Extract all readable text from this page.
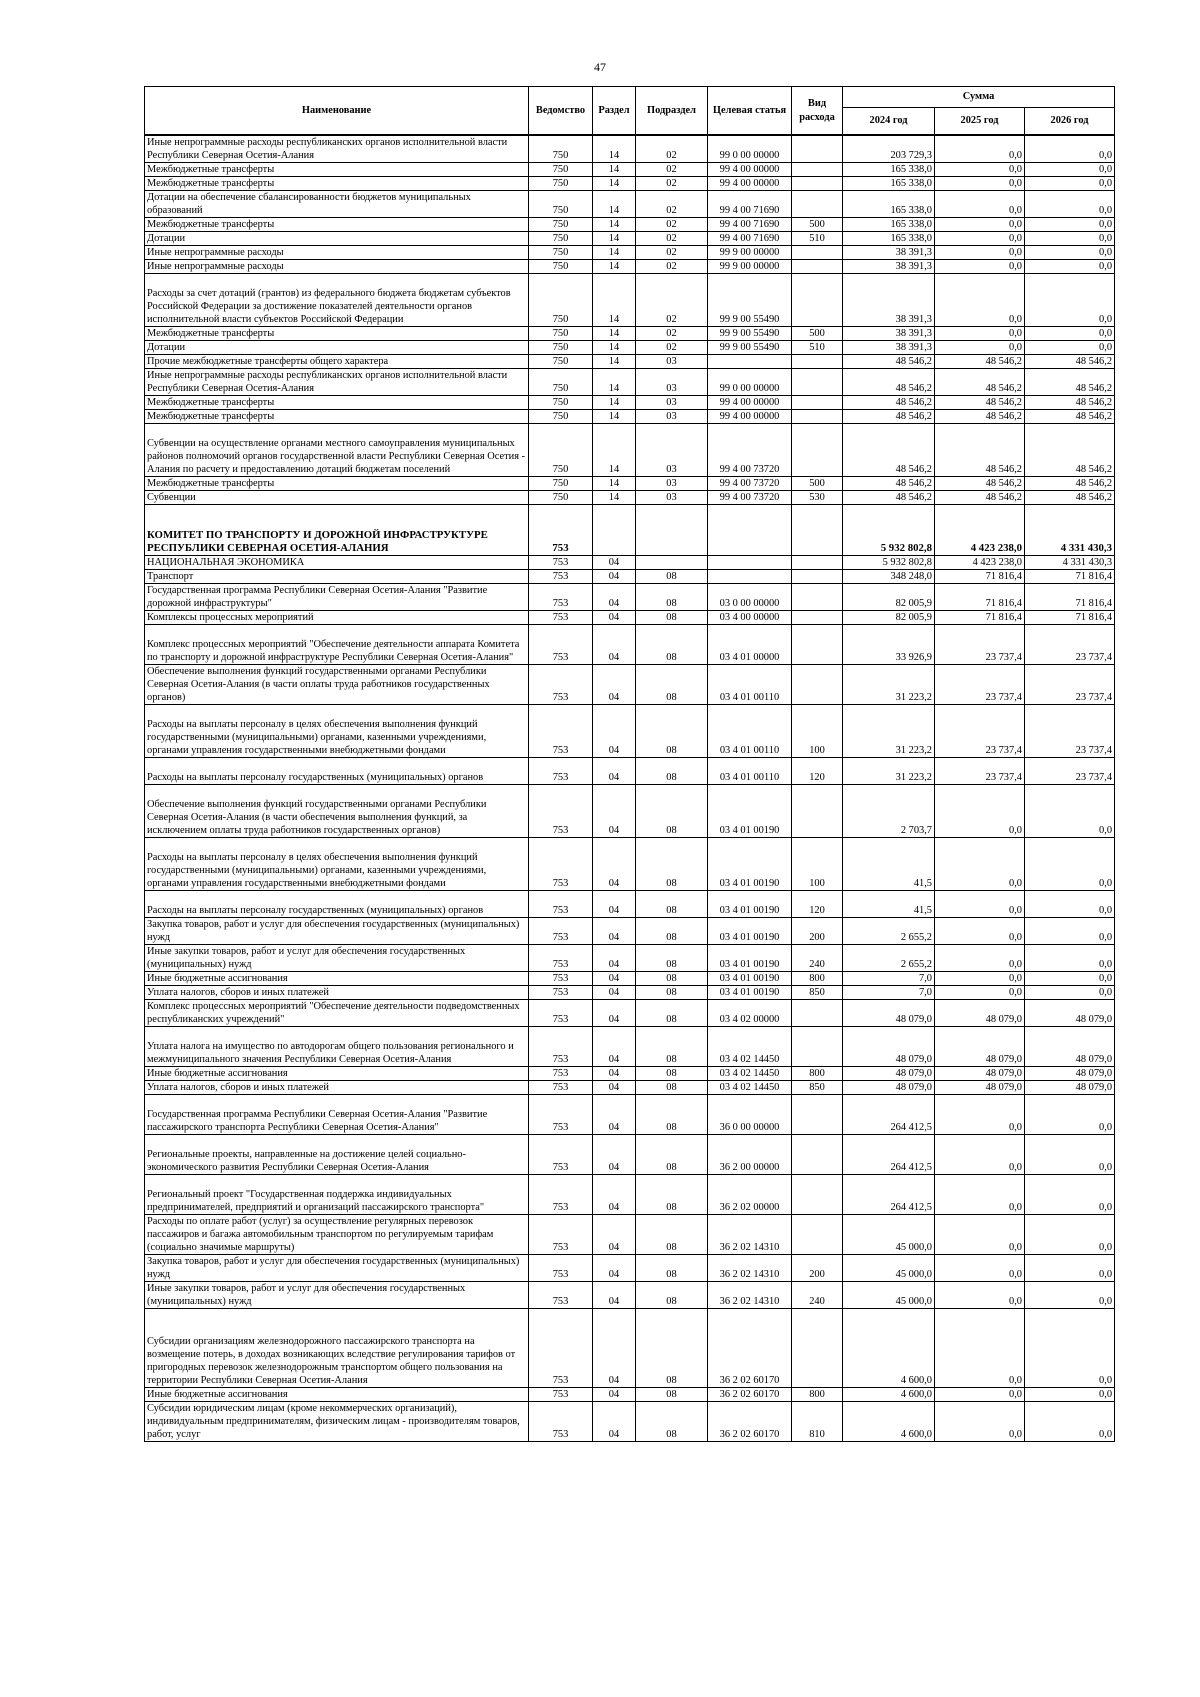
47
Наименование	Ведомство	Раздел	Подраздел	Целевая статья	Вид расхода	Сумма		
						2024 год	2025 год	2026 год
Иные непрограммные расходы республиканских органов исполнительной власти Республики Северная Осетия-Алания	750	14	02	99 0 00 00000		203 729,3	0,0	0,0
Межбюджетные трансферты	750	14	02	99 4 00 00000		165 338,0	0,0	0,0
Межбюджетные трансферты	750	14	02	99 4 00 00000		165 338,0	0,0	0,0
Дотации на обеспечение сбалансированности бюджетов муниципальных образований	750	14	02	99 4 00 71690		165 338,0	0,0	0,0
Межбюджетные трансферты	750	14	02	99 4 00 71690	500	165 338,0	0,0	0,0
Дотации	750	14	02	99 4 00 71690	510	165 338,0	0,0	0,0
Иные непрограммные расходы	750	14	02	99 9 00 00000		38 391,3	0,0	0,0
Иные непрограммные расходы	750	14	02	99 9 00 00000		38 391,3	0,0	0,0
Расходы за счет дотаций (грантов) из федерального бюджета бюджетам субъектов Российской Федерации за достижение показателей деятельности органов исполнительной власти субъектов Российской Федерации	750	14	02	99 9 00 55490		38 391,3	0,0	0,0
Межбюджетные трансферты	750	14	02	99 9 00 55490	500	38 391,3	0,0	0,0
Дотации	750	14	02	99 9 00 55490	510	38 391,3	0,0	0,0
Прочие межбюджетные трансферты общего характера	750	14	03			48 546,2	48 546,2	48 546,2
Иные непрограммные расходы республиканских органов исполнительной власти Республики Северная Осетия-Алания	750	14	03	99 0 00 00000		48 546,2	48 546,2	48 546,2
Межбюджетные трансферты	750	14	03	99 4 00 00000		48 546,2	48 546,2	48 546,2
Межбюджетные трансферты	750	14	03	99 4 00 00000		48 546,2	48 546,2	48 546,2
Субвенции на осуществление органами местного самоуправления муниципальных районов полномочий органов государственной власти Республики Северная Осетия - Алания по расчету и предоставлению дотаций бюджетам поселений	750	14	03	99 4 00 73720		48 546,2	48 546,2	48 546,2
Межбюджетные трансферты	750	14	03	99 4 00 73720	500	48 546,2	48 546,2	48 546,2
Субвенции	750	14	03	99 4 00 73720	530	48 546,2	48 546,2	48 546,2
КОМИТЕТ ПО ТРАНСПОРТУ И ДОРОЖНОЙ ИНФРАСТРУКТУРЕ РЕСПУБЛИКИ СЕВЕРНАЯ ОСЕТИЯ-АЛАНИЯ	753					5 932 802,8	4 423 238,0	4 331 430,3
НАЦИОНАЛЬНАЯ ЭКОНОМИКА	753	04				5 932 802,8	4 423 238,0	4 331 430,3
Транспорт	753	04	08			348 248,0	71 816,4	71 816,4
Государственная программа Республики Северная Осетия-Алания "Развитие дорожной инфраструктуры"	753	04	08	03 0 00 00000		82 005,9	71 816,4	71 816,4
Комплексы процессных мероприятий	753	04	08	03 4 00 00000		82 005,9	71 816,4	71 816,4
Комплекс процессных мероприятий "Обеспечение деятельности аппарата Комитета по транспорту и дорожной инфраструктуре Республики Северная Осетия-Алания"	753	04	08	03 4 01 00000		33 926,9	23 737,4	23 737,4
Обеспечение выполнения функций государственными органами Республики Северная Осетия-Алания (в части оплаты труда работников государственных органов)	753	04	08	03 4 01 00110		31 223,2	23 737,4	23 737,4
Расходы на выплаты персоналу в целях обеспечения выполнения функций государственными (муниципальными) органами, казенными учреждениями, органами управления государственными внебюджетными фондами	753	04	08	03 4 01 00110	100	31 223,2	23 737,4	23 737,4
Расходы на выплаты персоналу государственных (муниципальных) органов	753	04	08	03 4 01 00110	120	31 223,2	23 737,4	23 737,4
Обеспечение выполнения функций государственными органами Республики Северная Осетия-Алания (в части обеспечения выполнения функций, за исключением оплаты труда работников государственных органов)	753	04	08	03 4 01 00190		2 703,7	0,0	0,0
Расходы на выплаты персоналу в целях обеспечения выполнения функций государственными (муниципальными) органами, казенными учреждениями, органами управления государственными внебюджетными фондами	753	04	08	03 4 01 00190	100	41,5	0,0	0,0
Расходы на выплаты персоналу государственных (муниципальных) органов	753	04	08	03 4 01 00190	120	41,5	0,0	0,0
Закупка товаров, работ и услуг для обеспечения государственных (муниципальных) нужд	753	04	08	03 4 01 00190	200	2 655,2	0,0	0,0
Иные закупки товаров, работ и услуг для обеспечения государственных (муниципальных) нужд	753	04	08	03 4 01 00190	240	2 655,2	0,0	0,0
Иные бюджетные ассигнования	753	04	08	03 4 01 00190	800	7,0	0,0	0,0
Уплата налогов, сборов и иных платежей	753	04	08	03 4 01 00190	850	7,0	0,0	0,0
Комплекс процессных мероприятий "Обеспечение деятельности подведомственных республиканских учреждений"	753	04	08	03 4 02 00000		48 079,0	48 079,0	48 079,0
Уплата налога на имущество по автодорогам общего пользования регионального и межмуниципального значения Республики Северная Осетия-Алания	753	04	08	03 4 02 14450		48 079,0	48 079,0	48 079,0
Иные бюджетные ассигнования	753	04	08	03 4 02 14450	800	48 079,0	48 079,0	48 079,0
Уплата налогов, сборов и иных платежей	753	04	08	03 4 02 14450	850	48 079,0	48 079,0	48 079,0
Государственная программа Республики Северная Осетия-Алания "Развитие пассажирского транспорта Республики Северная Осетия-Алания"	753	04	08	36 0 00 00000		264 412,5	0,0	0,0
Региональные проекты, направленные на достижение целей социально-экономического развития Республики Северная Осетия-Алания	753	04	08	36 2 00 00000		264 412,5	0,0	0,0
Региональный проект "Государственная поддержка индивидуальных предпринимателей, предприятий и организаций пассажирского транспорта"	753	04	08	36 2 02 00000		264 412,5	0,0	0,0
Расходы по оплате работ (услуг) за осуществление регулярных перевозок пассажиров и багажа автомобильным транспортом по регулируемым тарифам (социально значимые маршруты)	753	04	08	36 2 02 14310		45 000,0	0,0	0,0
Закупка товаров, работ и услуг для обеспечения государственных (муниципальных) нужд	753	04	08	36 2 02 14310	200	45 000,0	0,0	0,0
Иные закупки товаров, работ и услуг для обеспечения государственных (муниципальных) нужд	753	04	08	36 2 02 14310	240	45 000,0	0,0	0,0
Субсидии организациям железнодорожного пассажирского транспорта на возмещение потерь, в доходах возникающих вследствие регулирования тарифов от пригородных перевозок железнодорожным транспортом общего пользования на территории Республики Северная Осетия-Алания	753	04	08	36 2 02 60170		4 600,0	0,0	0,0
Иные бюджетные ассигнования	753	04	08	36 2 02 60170	800	4 600,0	0,0	0,0
Субсидии юридическим лицам (кроме некоммерческих организаций), индивидуальным предпринимателям, физическим лицам - производителям товаров, работ, услуг	753	04	08	36 2 02 60170	810	4 600,0	0,0	0,0
